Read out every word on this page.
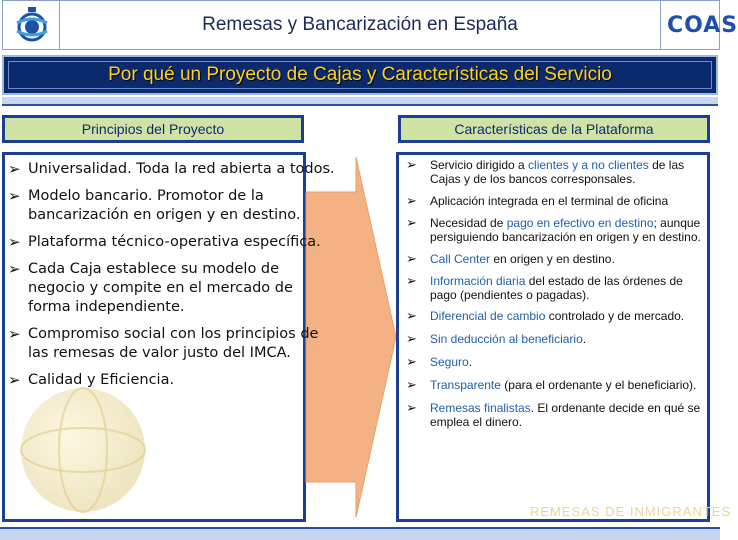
Remesas y Bancarización en España	COAS
Por qué un Proyecto de Cajas y Características del Servicio
Principios del Proyecto	Características de la Plataforma
➢ Universalidad. Toda la red abierta a todos.
➢ Modelo bancario. Promotor de la bancarización en origen y en destino.
➢ Plataforma técnico-operativa específica.
➢ Cada Caja establece su modelo de negocio y compite en el mercado de forma independiente.
➢ Compromiso social con los principios de las remesas de valor justo del IMCA.
➢ Calidad y Eficiencia.
➢ Servicio dirigido a clientes y a no clientes de las Cajas y de los bancos corresponsales.
➢ Aplicación integrada en el terminal de oficina
➢ Necesidad de pago en efectivo en destino; aunque persiguiendo bancarización en origen y en destino.
➢ Call Center en origen y en destino.
➢ Información diaria del estado de las órdenes de pago (pendientes o pagadas).
➢ Diferencial de cambio controlado y de mercado.
➢ Sin deducción al beneficiario.
➢ Seguro.
➢ Transparente (para el ordenante y el beneficiario).
➢ Remesas finalistas. El ordenante decide en qué se emplea el dinero.
REMESAS DE INMIGRANTES
